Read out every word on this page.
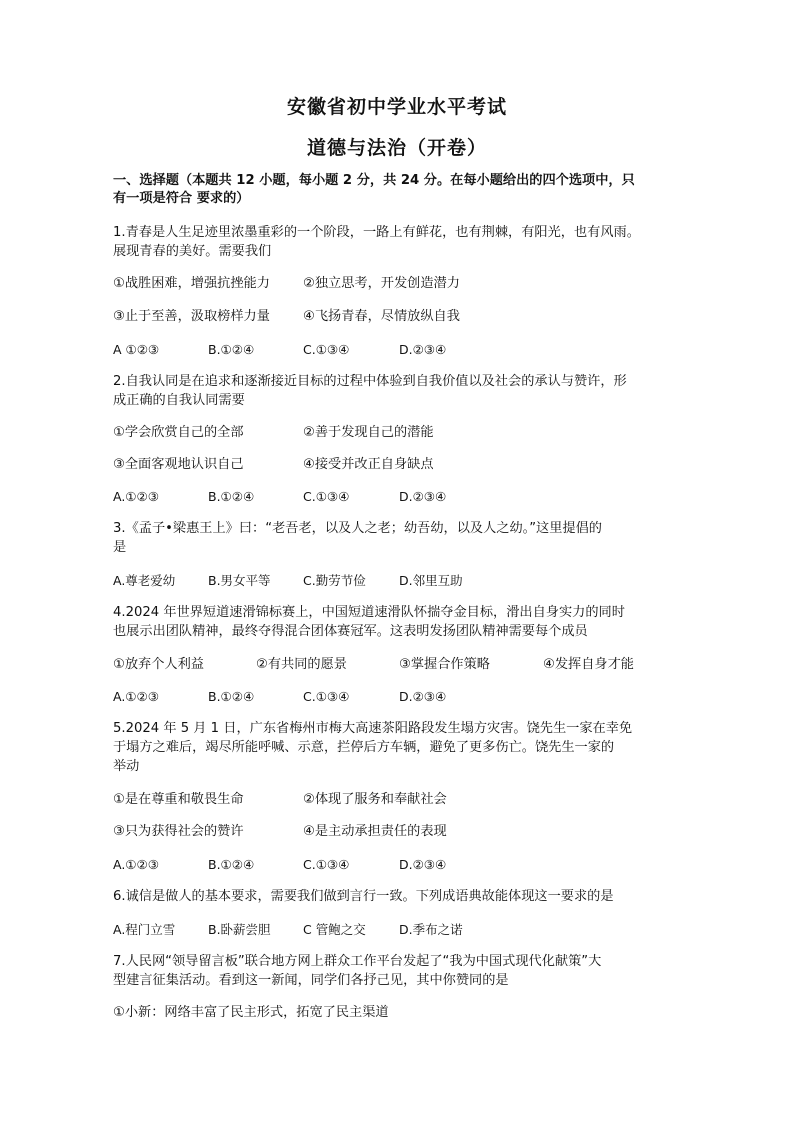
安徽省初中学业水平考试
道德与法治（开卷）
一、选择题（本题共 12 小题，每小题 2 分，共 24 分。在每小题给出的四个选项中，只
有一项是符合 要求的）
1.青春是人生足迹里浓墨重彩的一个阶段，一路上有鲜花，也有荆棘，有阳光，也有风雨。
展现青春的美好。需要我们
①战胜困难，增强抗挫能力	②独立思考，开发创造潜力
③止于至善，汲取榜样力量	④飞扬青春，尽情放纵自我
A ①②③	B.①②④	C.①③④	D.②③④
2.自我认同是在追求和逐渐接近目标的过程中体验到自我价值以及社会的承认与赞许，形
成正确的自我认同需要
①学会欣赏自己的全部	②善于发现自己的潜能
③全面客观地认识自己	④接受并改正自身缺点
A.①②③	B.①②④	C.①③④	D.②③④
3.《孟子•梁惠王上》曰：“老吾老，以及人之老；幼吾幼，以及人之幼。”这里提倡的
是
A.尊老爱幼	B.男女平等	C.勤劳节俭	D.邻里互助
4.2024 年世界短道速滑锦标赛上，中国短道速滑队怀揣夺金目标，滑出自身实力的同时
也展示出团队精神，最终夺得混合团体赛冠军。这表明发扬团队精神需要每个成员
①放弃个人利益	②有共同的愿景	③掌握合作策略	④发挥自身才能
A.①②③	B.①②④	C.①③④	D.②③④
5.2024 年 5 月 1 日，广东省梅州市梅大高速茶阳路段发生塌方灾害。饶先生一家在幸免
于塌方之难后，竭尽所能呼喊、示意，拦停后方车辆，避免了更多伤亡。饶先生一家的
举动
①是在尊重和敬畏生命	②体现了服务和奉献社会
③只为获得社会的赞许	④是主动承担责任的表现
A.①②③	B.①②④	C.①③④	D.②③④
6.诚信是做人的基本要求，需要我们做到言行一致。下列成语典故能体现这一要求的是
A.程门立雪	B.卧薪尝胆	C 管鲍之交	D.季布之诺
7.人民网“领导留言板”联合地方网上群众工作平台发起了“我为中国式现代化献策”大
型建言征集活动。看到这一新闻，同学们各抒己见，其中你赞同的是
①小新：网络丰富了民主形式，拓宽了民主渠道
